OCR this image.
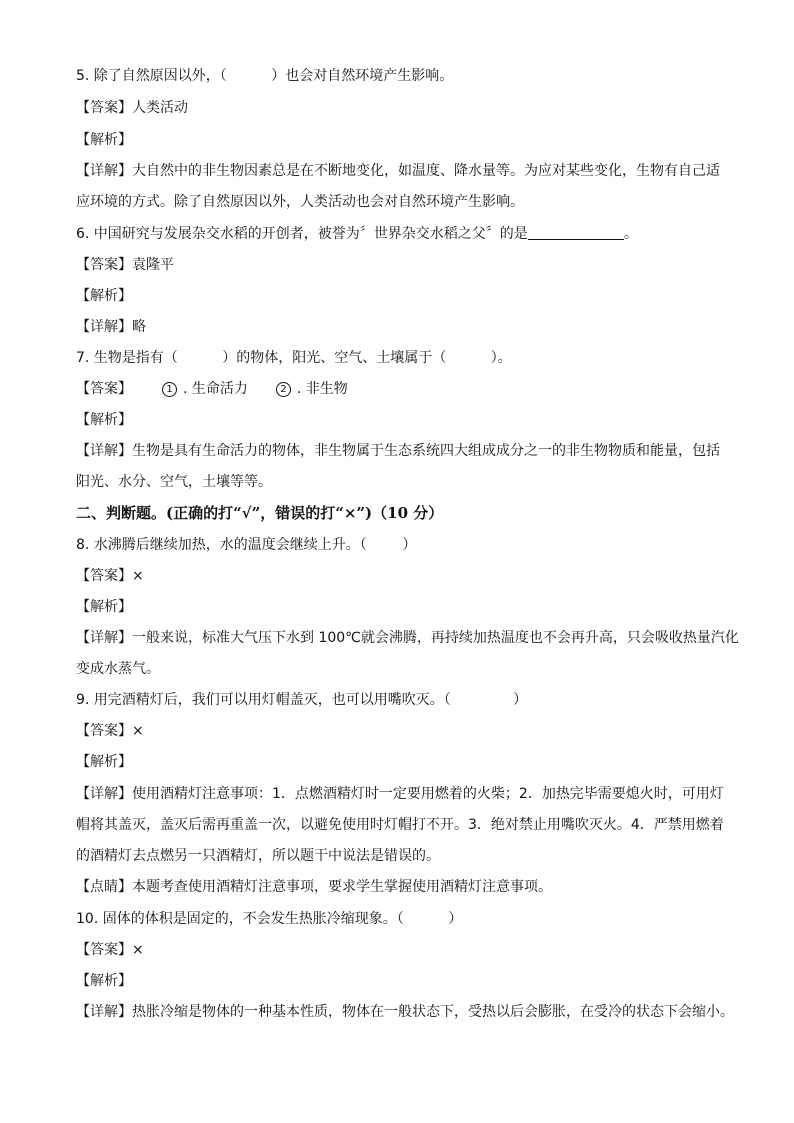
5. 除了自然原因以外，（          ）也会对自然环境产生影响。
【答案】人类活动
【解析】
【详解】大自然中的非生物因素总是在不断地变化，如温度、降水量等。为应对某些变化，生物有自己适
应环境的方式。除了自然原因以外，人类活动也会对自然环境产生影响。
6. 中国研究与发展杂交水稻的开创者，被誉为〞世界杂交水稻之父〞的是	。
【答案】袁隆平
【解析】
【详解】略
7. 生物是指有（          ）的物体，阳光、空气、土壤属于（          ）。
【答案】	1 . 生命活力	2 . 非生物
【解析】
【详解】生物是具有生命活力的物体，非生物属于生态系统四大组成成分之一的非生物物质和能量，包括
阳光、水分、空气，土壤等等。
二、判断题。(正确的打“√”，错误的打“×”)（10 分）
8. 水沸腾后继续加热，水的温度会继续上升。（        ）
【答案】×
【解析】
【详解】一般来说，标准大气压下水到 100℃就会沸腾，再持续加热温度也不会再升高，只会吸收热量汽化
变成水蒸气。
9. 用完酒精灯后，我们可以用灯帽盖灭，也可以用嘴吹灭。（              ）
【答案】×
【解析】
【详解】使用酒精灯注意事项：1．点燃酒精灯时一定要用燃着的火柴；2．加热完毕需要熄火时，可用灯
帽将其盖灭，盖灭后需再重盖一次，以避免使用时灯帽打不开。3．绝对禁止用嘴吹灭火。4．严禁用燃着
的酒精灯去点燃另一只酒精灯，所以题干中说法是错误的。
【点睛】本题考查使用酒精灯注意事项，要求学生掌握使用酒精灯注意事项。
10. 固体的体积是固定的，不会发生热胀冷缩现象。（          ）
【答案】×
【解析】
【详解】热胀冷缩是物体的一种基本性质，物体在一般状态下，受热以后会膨胀，在受冷的状态下会缩小。
